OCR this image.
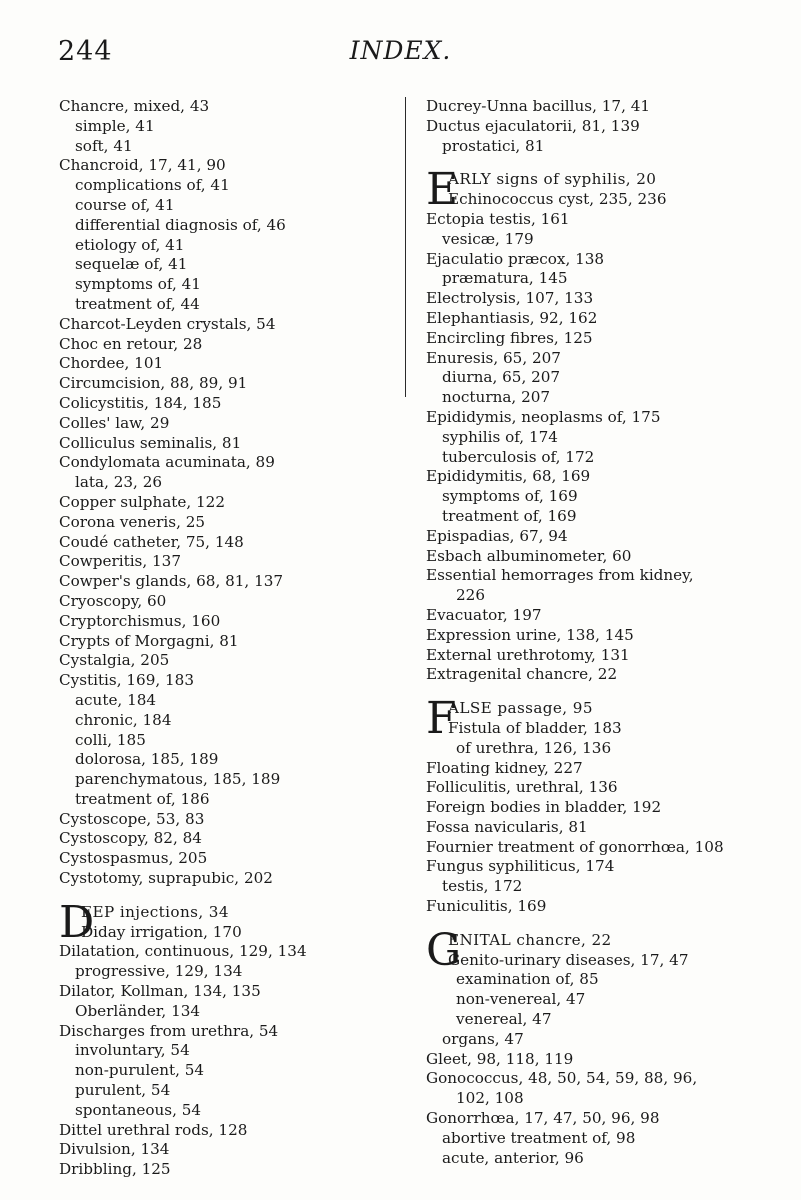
244	INDEX.
Chancre, mixed, 43
simple, 41
soft, 41
Chancroid, 17, 41, 90
complications of, 41
course of, 41
differential diagnosis of, 46
etiology of, 41
sequelæ of, 41
symptoms of, 41
treatment of, 44
Charcot-Leyden crystals, 54
Choc en retour, 28
Chordee, 101
Circumcision, 88, 89, 91
Colicystitis, 184, 185
Colles' law, 29
Colliculus seminalis, 81
Condylomata acuminata, 89
lata, 23, 26
Copper sulphate, 122
Corona veneris, 25
Coudé catheter, 75, 148
Cowperitis, 137
Cowper's glands, 68, 81, 137
Cryoscopy, 60
Cryptorchismus, 160
Crypts of Morgagni, 81
Cystalgia, 205
Cystitis, 169, 183
acute, 184
chronic, 184
colli, 185
dolorosa, 185, 189
parenchymatous, 185, 189
treatment of, 186
Cystoscope, 53, 83
Cystoscopy, 82, 84
Cystospasmus, 205
Cystotomy, suprapubic, 202
D
EEP injections, 34
Diday irrigation, 170
Dilatation, continuous, 129, 134
progressive, 129, 134
Dilator, Kollman, 134, 135
Oberländer, 134
Discharges from urethra, 54
involuntary, 54
non-purulent, 54
purulent, 54
spontaneous, 54
Dittel urethral rods, 128
Divulsion, 134
Dribbling, 125
Ducrey-Unna bacillus, 17, 41
Ductus ejaculatorii, 81, 139
prostatici, 81
E
ARLY signs of syphilis, 20
Echinococcus cyst, 235, 236
Ectopia testis, 161
vesicæ, 179
Ejaculatio præcox, 138
præmatura, 145
Electrolysis, 107, 133
Elephantiasis, 92, 162
Encircling fibres, 125
Enuresis, 65, 207
diurna, 65, 207
nocturna, 207
Epididymis, neoplasms of, 175
syphilis of, 174
tuberculosis of, 172
Epididymitis, 68, 169
symptoms of, 169
treatment of, 169
Epispadias, 67, 94
Esbach albuminometer, 60
Essential hemorrages from kidney,
226
Evacuator, 197
Expression urine, 138, 145
External urethrotomy, 131
Extragenital chancre, 22
F
ALSE passage, 95
Fistula of bladder, 183
of urethra, 126, 136
Floating kidney, 227
Folliculitis, urethral, 136
Foreign bodies in bladder, 192
Fossa navicularis, 81
Fournier treatment of gonorrhœa, 108
Fungus syphiliticus, 174
testis, 172
Funiculitis, 169
G
ENITAL chancre, 22
Genito-urinary diseases, 17, 47
examination of, 85
non-venereal, 47
venereal, 47
organs, 47
Gleet, 98, 118, 119
Gonococcus, 48, 50, 54, 59, 88, 96,
102, 108
Gonorrhœa, 17, 47, 50, 96, 98
abortive treatment of, 98
acute, anterior, 96
